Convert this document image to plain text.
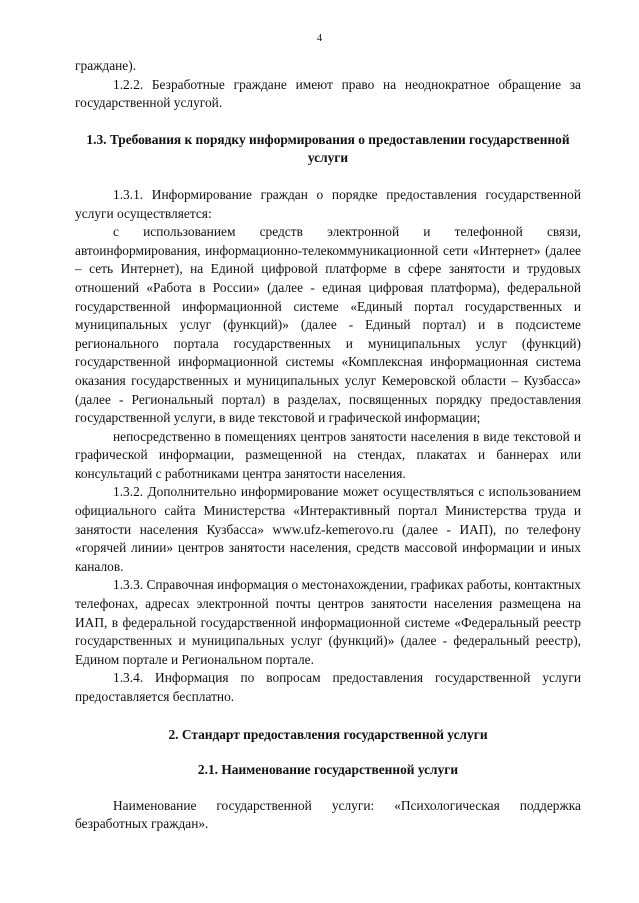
4

граждане).

1.2.2. Безработные граждане имеют право на неоднократное обращение за государственной услугой.

1.3. Требования к порядку информирования о предоставлении государственной услуги

1.3.1. Информирование граждан о порядке предоставления государственной услуги осуществляется:

с использованием средств электронной и телефонной связи, автоинформирования, информационно-телекоммуникационной сети «Интернет» (далее – сеть Интернет), на Единой цифровой платформе в сфере занятости и трудовых отношений «Работа в России» (далее - единая цифровая платформа), федеральной государственной информационной системе «Единый портал государственных и муниципальных услуг (функций)» (далее - Единый портал) и в подсистеме регионального портала государственных и муниципальных услуг (функций) государственной информационной системы «Комплексная информационная система оказания государственных и муниципальных услуг Кемеровской области – Кузбасса» (далее - Региональный портал) в разделах, посвященных порядку предоставления государственной услуги, в виде текстовой и графической информации;

непосредственно в помещениях центров занятости населения в виде текстовой и графической информации, размещенной на стендах, плакатах и баннерах или консультаций с работниками центра занятости населения.

1.3.2. Дополнительно информирование может осуществляться с использованием официального сайта Министерства «Интерактивный портал Министерства труда и занятости населения Кузбасса» www.ufz-kemerovo.ru (далее - ИАП), по телефону «горячей линии» центров занятости населения, средств массовой информации и иных каналов.

1.3.3. Справочная информация о местонахождении, графиках работы, контактных телефонах, адресах электронной почты центров занятости населения размещена на ИАП, в федеральной государственной информационной системе «Федеральный реестр государственных и муниципальных услуг (функций)» (далее - федеральный реестр), Едином портале и Региональном портале.

1.3.4. Информация по вопросам предоставления государственной услуги предоставляется бесплатно.

2. Стандарт предоставления государственной услуги

2.1. Наименование государственной услуги

Наименование государственной услуги: «Психологическая поддержка безработных граждан».
